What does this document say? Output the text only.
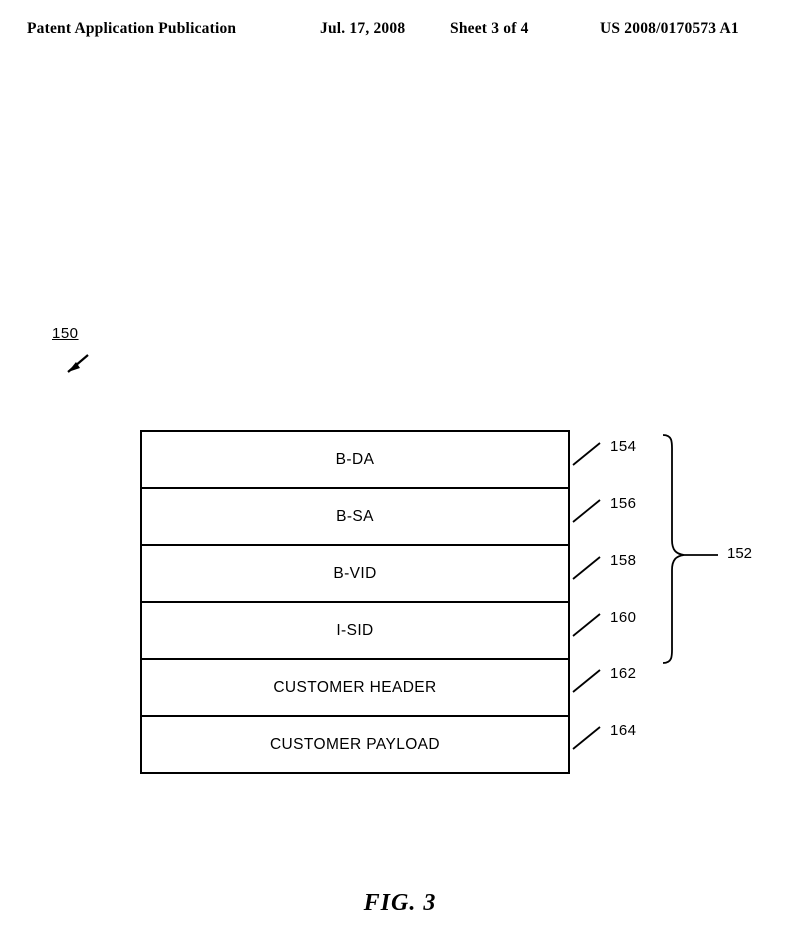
Patent Application Publication	Jul. 17, 2008	Sheet 3 of 4	US 2008/0170573 A1
150
B-DA
B-SA
B-VID
I-SID
CUSTOMER HEADER
CUSTOMER PAYLOAD
154
156
158
160
162
164
152
FIG. 3
